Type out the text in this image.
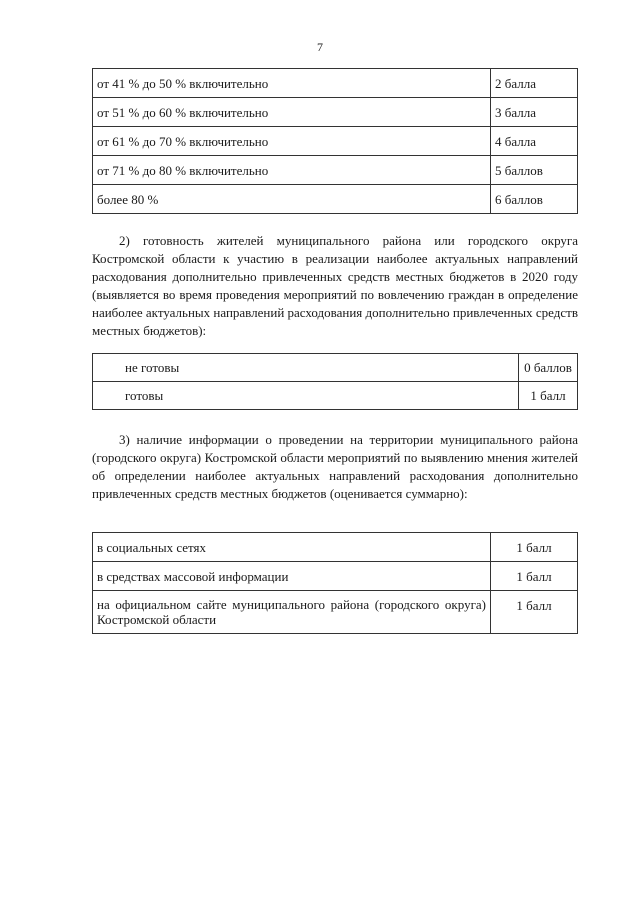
7
от 41 % до 50 % включительно	2 балла
от 51 % до 60 % включительно	3 балла
от 61 % до 70 % включительно	4 балла
от 71 % до 80 % включительно	5 баллов
более 80 %	6 баллов

2) готовность жителей муниципального района или городского округа Костромской области к участию в реализации наиболее актуальных направлений расходования дополнительно привлеченных средств местных бюджетов в 2020 году (выявляется во время проведения мероприятий по вовлечению граждан в определение наиболее актуальных направлений расходования дополнительно привлеченных средств местных бюджетов):

не готовы	0 баллов
готовы	1 балл

3) наличие информации о проведении на территории муниципального района (городского округа) Костромской области мероприятий по выявлению мнения жителей об определении наиболее актуальных направлений расходования дополнительно привлеченных средств местных бюджетов (оценивается суммарно):

в социальных сетях	1 балл
в средствах массовой информации	1 балл
на официальном сайте муниципального района (городского округа) Костромской области	1 балл
